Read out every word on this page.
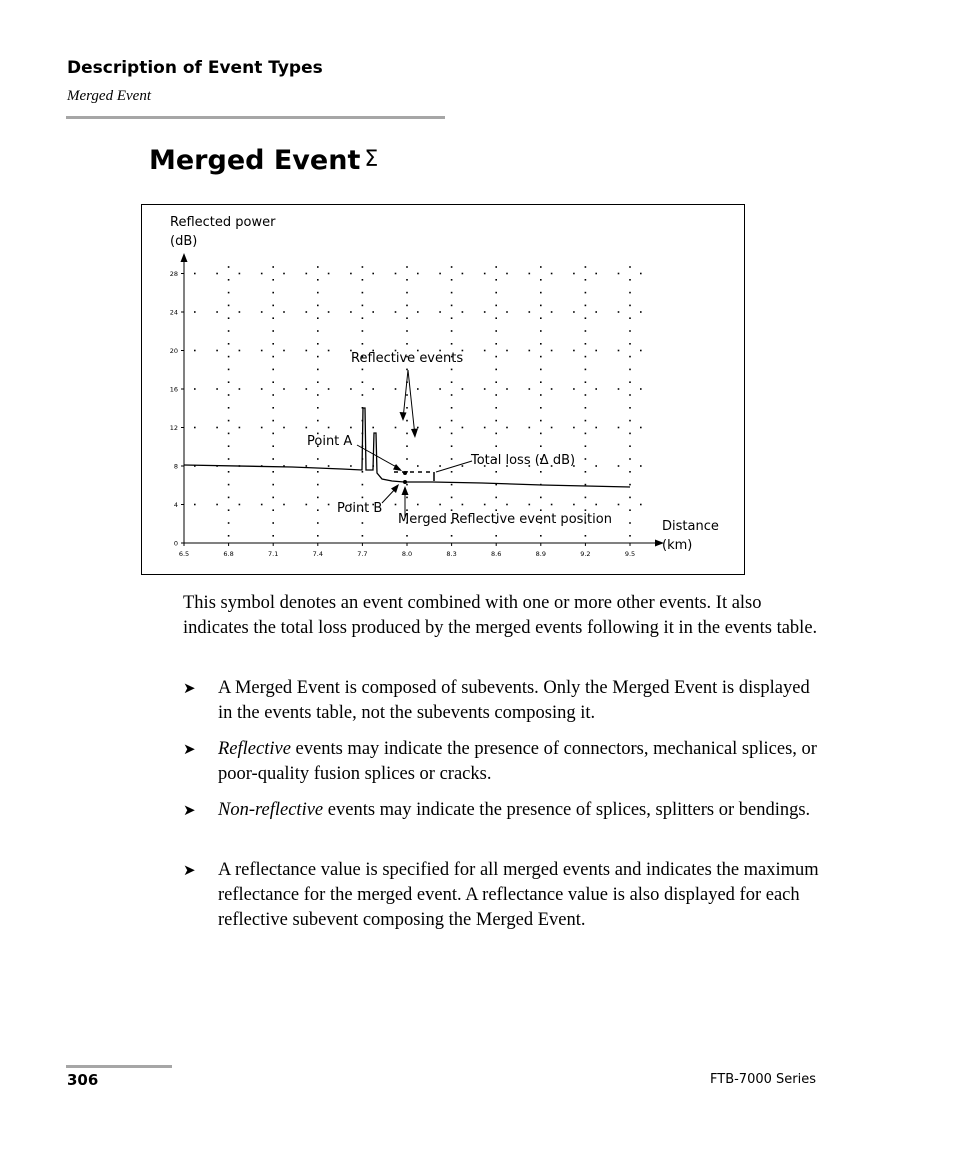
Description of Event Types
Merged Event
Merged Event Σ
0
4
8
12
16
20
24
28
6.5	6.8	7.1	7.4	7.7	8.0	8.3	8.6	8.9	9.2	9.5
Reflected power
(dB)
Distance
(km)
Reflective events
Point A
Point B
Total loss (Δ dB)
Merged Reflective event position
This symbol denotes an event combined with one or more other events. It also indicates the total loss produced by the merged events following it in the events table.
➤ A Merged Event is composed of subevents. Only the Merged Event is displayed in the events table, not the subevents composing it.
➤ Reflective events may indicate the presence of connectors, mechanical splices, or poor-quality fusion splices or cracks.
➤ Non-reflective events may indicate the presence of splices, splitters or bendings.
➤ A reflectance value is specified for all merged events and indicates the maximum reflectance for the merged event. A reflectance value is also displayed for each reflective subevent composing the Merged Event.
306	FTB-7000 Series
